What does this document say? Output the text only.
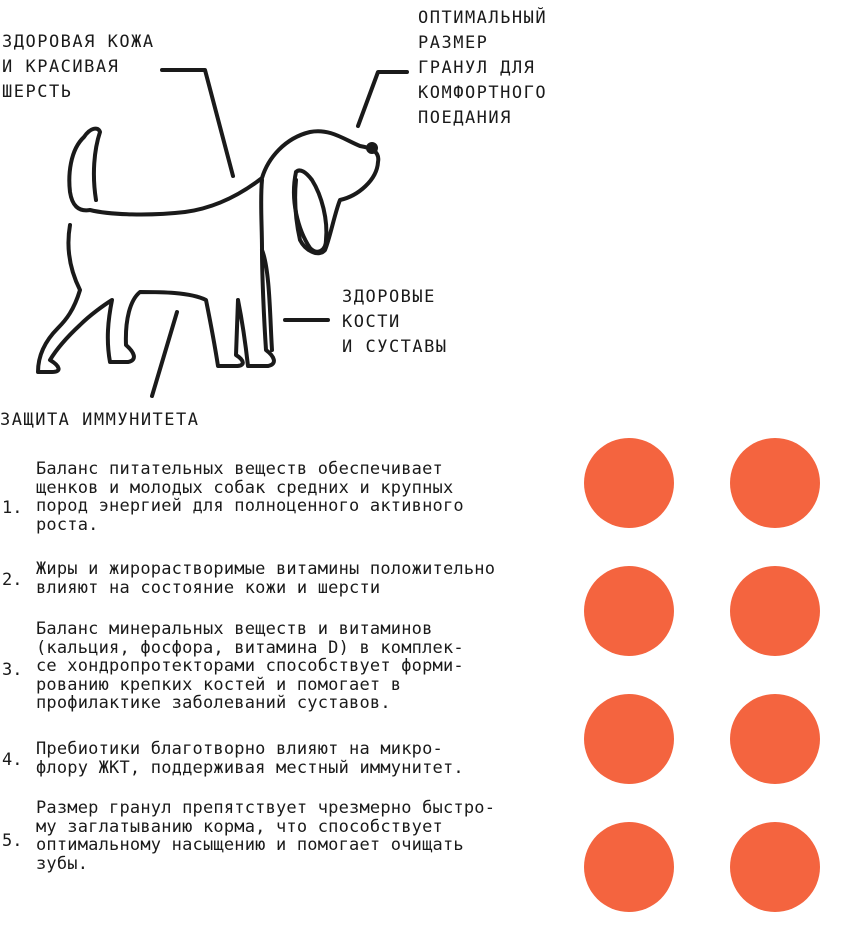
ЗДОРОВАЯ КОЖА
И КРАСИВАЯ
ШЕРСТЬ

ОПТИМАЛЬНЫЙ
РАЗМЕР
ГРАНУЛ ДЛЯ
КОМФОРТНОГО
ПОЕДАНИЯ

ЗДОРОВЫЕ
КОСТИ
И СУСТАВЫ

ЗАЩИТА ИММУНИТЕТА

1.

Баланс питательных веществ обеспечивает
щенков и молодых собак средних и крупных
пород энергией для полноценного активного
роста.

2.

Жиры и жирорастворимые витамины положительно
влияют на состояние кожи и шерсти

3.

Баланс минеральных веществ и витаминов
(кальция, фосфора, витамина D) в комплек-
се хондропротекторами способствует форми-
рованию крепких костей и помогает в
профилактике заболеваний суставов.

4.

Пребиотики благотворно влияют на микро-
флору ЖКТ, поддерживая местный иммунитет.

5.

Размер гранул препятствует чрезмерно быстро-
му заглатыванию корма, что способствует
оптимальному насыщению и помогает очищать
зубы.
